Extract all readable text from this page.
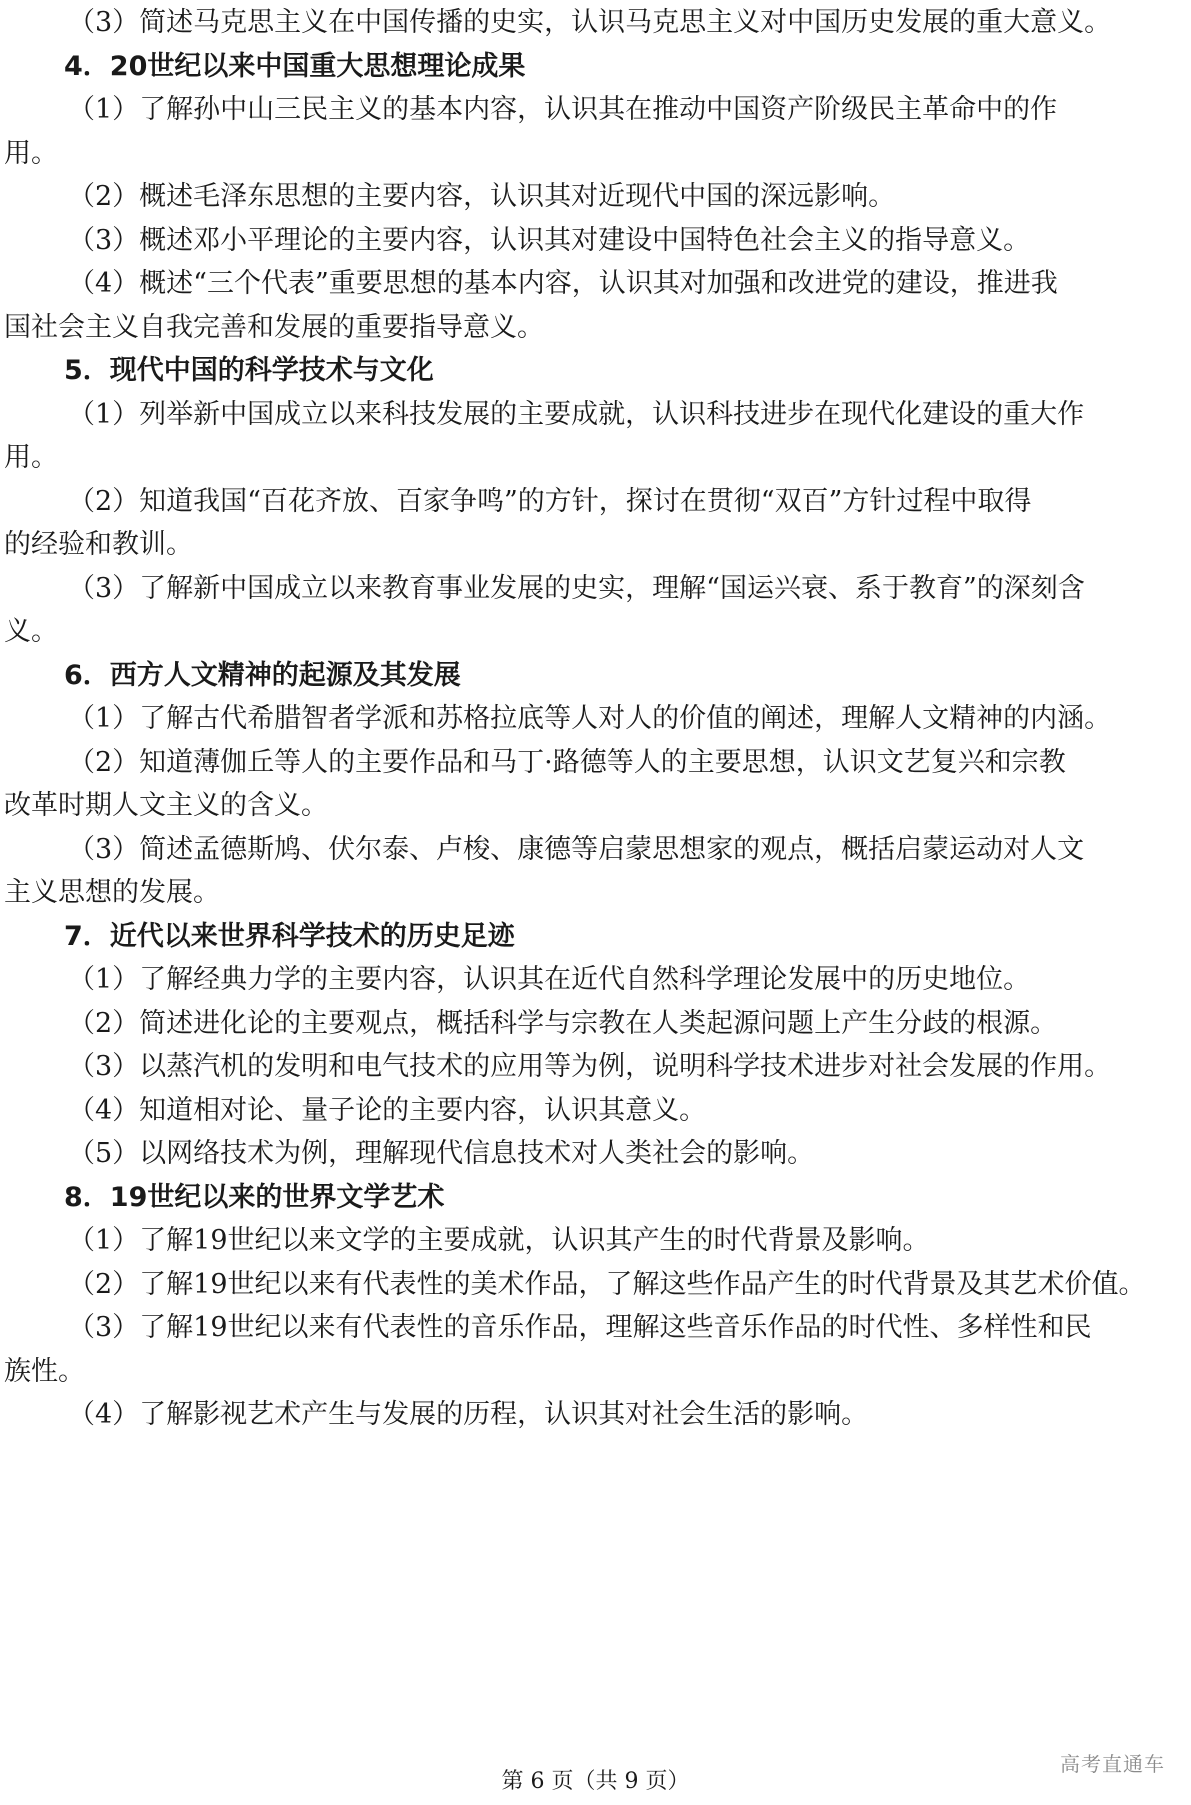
（3）简述马克思主义在中国传播的史实，认识马克思主义对中国历史发展的重大意义。
4．20世纪以来中国重大思想理论成果
（1）了解孙中山三民主义的基本内容，认识其在推动中国资产阶级民主革命中的作
用。
（2）概述毛泽东思想的主要内容，认识其对近现代中国的深远影响。
（3）概述邓小平理论的主要内容，认识其对建设中国特色社会主义的指导意义。
（4）概述“三个代表”重要思想的基本内容，认识其对加强和改进党的建设，推进我
国社会主义自我完善和发展的重要指导意义。
5．现代中国的科学技术与文化
（1）列举新中国成立以来科技发展的主要成就，认识科技进步在现代化建设的重大作
用。
（2）知道我国“百花齐放、百家争鸣”的方针，探讨在贯彻“双百”方针过程中取得
的经验和教训。
（3）了解新中国成立以来教育事业发展的史实，理解“国运兴衰、系于教育”的深刻含
义。
6．西方人文精神的起源及其发展
（1）了解古代希腊智者学派和苏格拉底等人对人的价值的阐述，理解人文精神的内涵。
（2）知道薄伽丘等人的主要作品和马丁·路德等人的主要思想，认识文艺复兴和宗教
改革时期人文主义的含义。
（3）简述孟德斯鸠、伏尔泰、卢梭、康德等启蒙思想家的观点，概括启蒙运动对人文
主义思想的发展。
7．近代以来世界科学技术的历史足迹
（1）了解经典力学的主要内容，认识其在近代自然科学理论发展中的历史地位。
（2）简述进化论的主要观点，概括科学与宗教在人类起源问题上产生分歧的根源。
（3）以蒸汽机的发明和电气技术的应用等为例，说明科学技术进步对社会发展的作用。
（4）知道相对论、量子论的主要内容，认识其意义。
（5）以网络技术为例，理解现代信息技术对人类社会的影响。
8．19世纪以来的世界文学艺术
（1）了解19世纪以来文学的主要成就，认识其产生的时代背景及影响。
（2）了解19世纪以来有代表性的美术作品，了解这些作品产生的时代背景及其艺术价值。
（3）了解19世纪以来有代表性的音乐作品，理解这些音乐作品的时代性、多样性和民
族性。
（4）了解影视艺术产生与发展的历程，认识其对社会生活的影响。
第 6 页（共 9 页）
高考直通车
